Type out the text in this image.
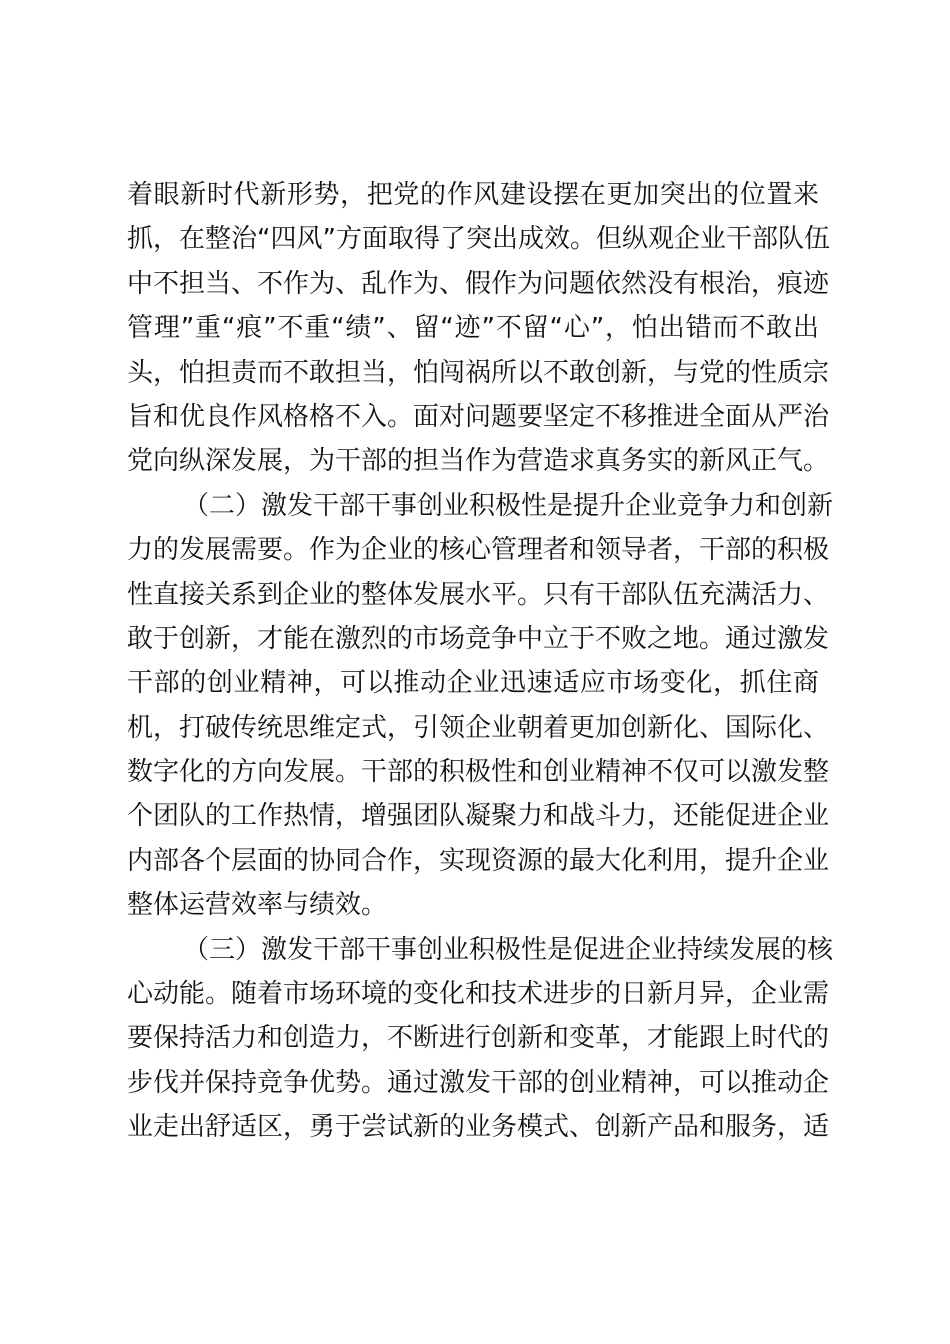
着眼新时代新形势，把党的作风建设摆在更加突出的位置来
抓，在整治“四风”方面取得了突出成效。但纵观企业干部队伍
中不担当、不作为、乱作为、假作为问题依然没有根治，痕迹
管理”重“痕”不重“绩”、留“迹”不留“心”，怕出错而不敢出
头，怕担责而不敢担当，怕闯祸所以不敢创新，与党的性质宗
旨和优良作风格格不入。面对问题要坚定不移推进全面从严治
党向纵深发展，为干部的担当作为营造求真务实的新风正气。
（二）激发干部干事创业积极性是提升企业竞争力和创新
力的发展需要。作为企业的核心管理者和领导者，干部的积极
性直接关系到企业的整体发展水平。只有干部队伍充满活力、
敢于创新，才能在激烈的市场竞争中立于不败之地。通过激发
干部的创业精神，可以推动企业迅速适应市场变化，抓住商
机，打破传统思维定式，引领企业朝着更加创新化、国际化、
数字化的方向发展。干部的积极性和创业精神不仅可以激发整
个团队的工作热情，增强团队凝聚力和战斗力，还能促进企业
内部各个层面的协同合作，实现资源的最大化利用，提升企业
整体运营效率与绩效。
（三）激发干部干事创业积极性是促进企业持续发展的核
心动能。随着市场环境的变化和技术进步的日新月异，企业需
要保持活力和创造力，不断进行创新和变革，才能跟上时代的
步伐并保持竞争优势。通过激发干部的创业精神，可以推动企
业走出舒适区，勇于尝试新的业务模式、创新产品和服务，适
